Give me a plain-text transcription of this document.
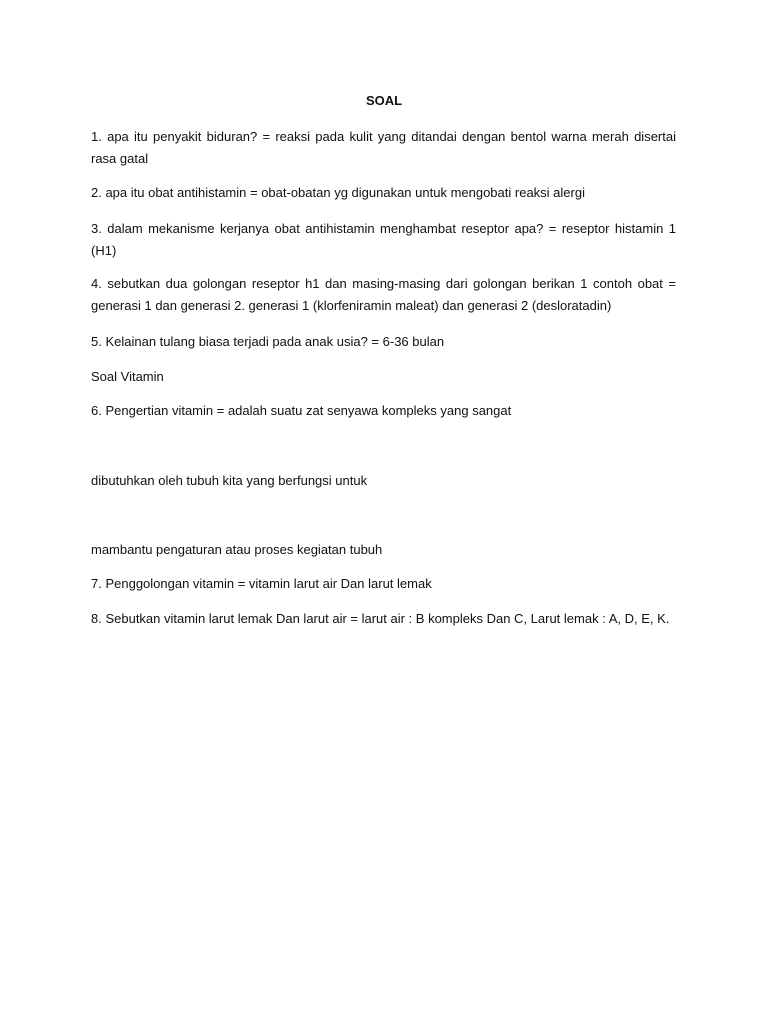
SOAL

1. apa itu penyakit biduran? = reaksi pada kulit yang ditandai dengan bentol warna merah disertai rasa gatal

2. apa itu obat antihistamin = obat-obatan yg digunakan untuk mengobati reaksi alergi

3. dalam mekanisme kerjanya obat antihistamin menghambat reseptor apa? = reseptor histamin 1 (H1)

4. sebutkan dua golongan reseptor h1 dan masing-masing dari golongan berikan 1 contoh obat = generasi 1 dan generasi 2. generasi 1 (klorfeniramin maleat) dan generasi 2 (desloratadin)

5. Kelainan tulang biasa terjadi pada anak usia? = 6-36 bulan

Soal Vitamin

6. Pengertian vitamin = adalah suatu zat senyawa kompleks yang sangat

dibutuhkan oleh tubuh kita yang berfungsi untuk

mambantu pengaturan atau proses kegiatan tubuh

7. Penggolongan vitamin = vitamin larut air Dan larut lemak

8. Sebutkan vitamin larut lemak Dan larut air = larut air : B kompleks Dan C, Larut lemak : A, D, E, K.
